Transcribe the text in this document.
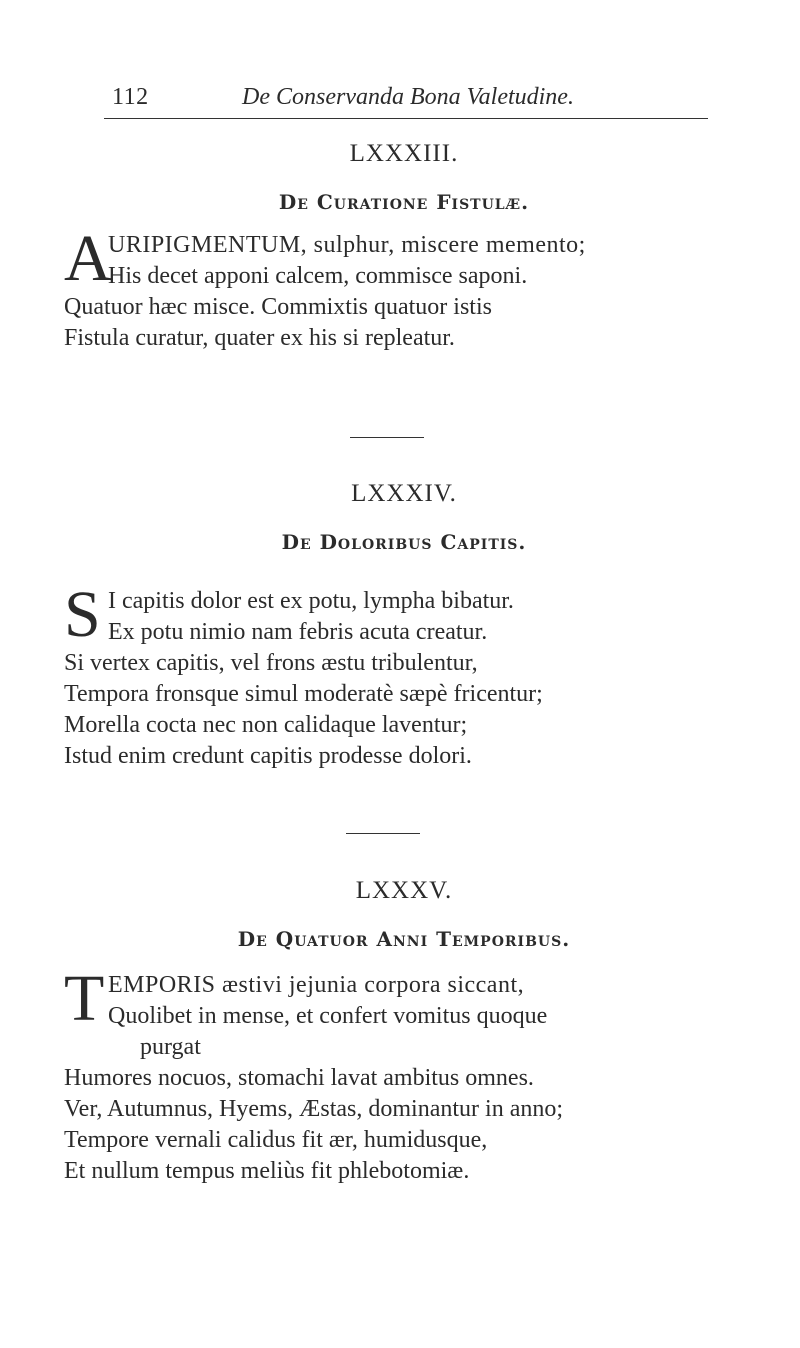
112	De Conservanda Bona Valetudine.
LXXXIII.
De Curatione Fistulæ.
A
URIPIGMENTUM, sulphur, miscere memento;
His decet apponi calcem, commisce saponi.
Quatuor hæc misce. Commixtis quatuor istis
Fistula curatur, quater ex his si repleatur.
LXXXIV.
De Doloribus Capitis.
S I capitis dolor est ex potu, lympha bibatur.
Ex potu nimio nam febris acuta creatur.
Si vertex capitis, vel frons æstu tribulentur,
Tempora fronsque simul moderatè sæpè fricentur;
Morella cocta nec non calidaque laventur;
Istud enim credunt capitis prodesse dolori.
LXXXV.
De Quatuor Anni Temporibus.
T EMPORIS æstivi jejunia corpora siccant,
Quolibet in mense, et confert vomitus quoque
purgat
Humores nocuos, stomachi lavat ambitus omnes.
Ver, Autumnus, Hyems, Æstas, dominantur in anno;
Tempore vernali calidus fit ær, humidusque,
Et nullum tempus meliùs fit phlebotomiæ.
